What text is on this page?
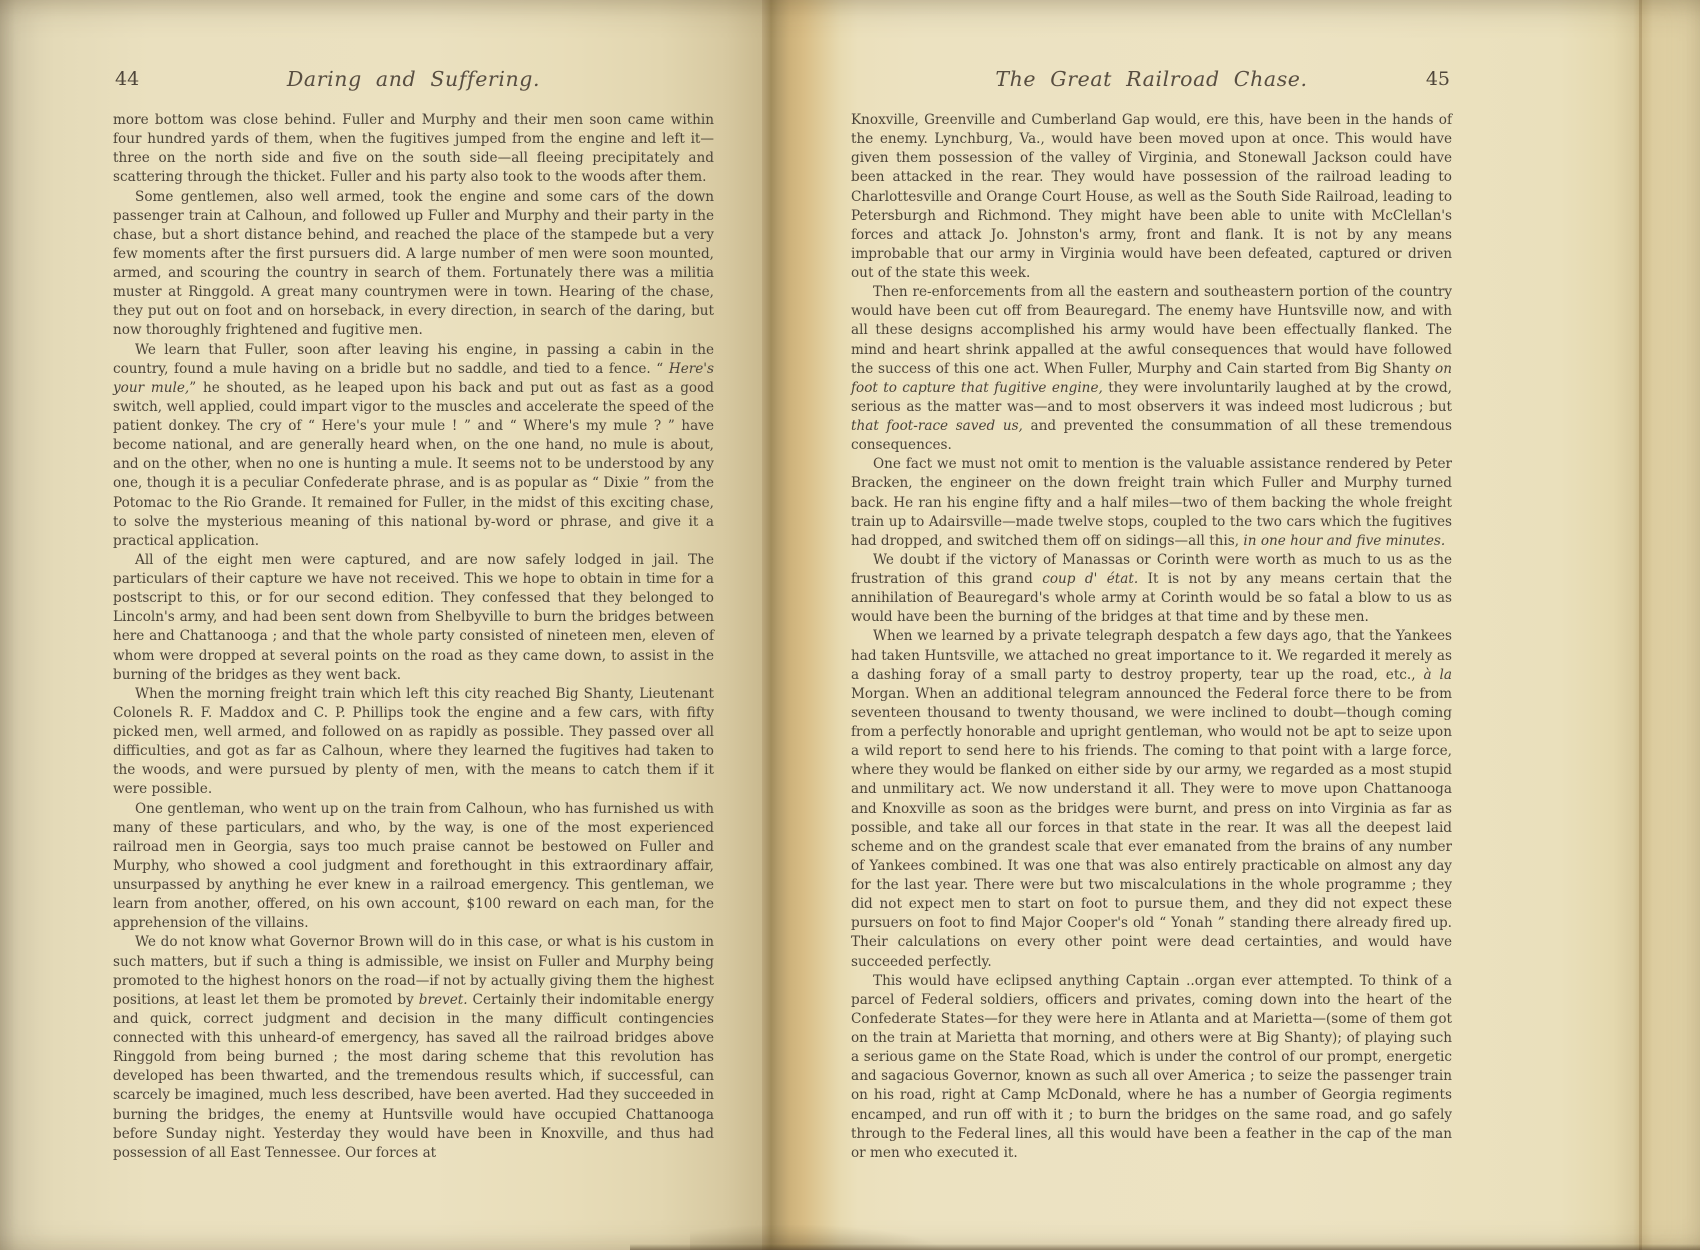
44	Daring and Suffering.

more bottom was close behind. Fuller and Murphy and their men soon came within four hundred yards of them, when the fugitives jumped from the engine and left it—three on the north side and five on the south side—all fleeing precipitately and scattering through the thicket. Fuller and his party also took to the woods after them.

Some gentlemen, also well armed, took the engine and some cars of the down passenger train at Calhoun, and followed up Fuller and Murphy and their party in the chase, but a short distance behind, and reached the place of the stampede but a very few moments after the first pursuers did. A large number of men were soon mounted, armed, and scouring the country in search of them. Fortunately there was a militia muster at Ringgold. A great many countrymen were in town. Hearing of the chase, they put out on foot and on horseback, in every direction, in search of the daring, but now thoroughly frightened and fugitive men.

We learn that Fuller, soon after leaving his engine, in passing a cabin in the country, found a mule having on a bridle but no saddle, and tied to a fence. “ Here's your mule,” he shouted, as he leaped upon his back and put out as fast as a good switch, well applied, could impart vigor to the muscles and accelerate the speed of the patient donkey. The cry of “ Here's your mule ! ” and “ Where's my mule ? ” have become national, and are generally heard when, on the one hand, no mule is about, and on the other, when no one is hunting a mule. It seems not to be understood by any one, though it is a peculiar Confederate phrase, and is as popular as “ Dixie ” from the Potomac to the Rio Grande. It remained for Fuller, in the midst of this exciting chase, to solve the mysterious meaning of this national by-word or phrase, and give it a practical application.

All of the eight men were captured, and are now safely lodged in jail. The particulars of their capture we have not received. This we hope to obtain in time for a postscript to this, or for our second edition. They confessed that they belonged to Lincoln's army, and had been sent down from Shelbyville to burn the bridges between here and Chattanooga ; and that the whole party consisted of nineteen men, eleven of whom were dropped at several points on the road as they came down, to assist in the burning of the bridges as they went back.

When the morning freight train which left this city reached Big Shanty, Lieutenant Colonels R. F. Maddox and C. P. Phillips took the engine and a few cars, with fifty picked men, well armed, and followed on as rapidly as possible. They passed over all difficulties, and got as far as Calhoun, where they learned the fugitives had taken to the woods, and were pursued by plenty of men, with the means to catch them if it were possible.

One gentleman, who went up on the train from Calhoun, who has furnished us with many of these particulars, and who, by the way, is one of the most experienced railroad men in Georgia, says too much praise cannot be bestowed on Fuller and Murphy, who showed a cool judgment and forethought in this extraordinary affair, unsurpassed by anything he ever knew in a railroad emergency. This gentleman, we learn from another, offered, on his own account, $100 reward on each man, for the apprehension of the villains.

We do not know what Governor Brown will do in this case, or what is his custom in such matters, but if such a thing is admissible, we insist on Fuller and Murphy being promoted to the highest honors on the road—if not by actually giving them the highest positions, at least let them be promoted by brevet. Certainly their indomitable energy and quick, correct judgment and decision in the many difficult contingencies connected with this unheard-of emergency, has saved all the railroad bridges above Ringgold from being burned ; the most daring scheme that this revolution has developed has been thwarted, and the tremendous results which, if successful, can scarcely be imagined, much less described, have been averted. Had they succeeded in burning the bridges, the enemy at Huntsville would have occupied Chattanooga before Sunday night. Yesterday they would have been in Knoxville, and thus had possession of all East Tennessee. Our forces at

The Great Railroad Chase.	45

Knoxville, Greenville and Cumberland Gap would, ere this, have been in the hands of the enemy. Lynchburg, Va., would have been moved upon at once. This would have given them possession of the valley of Virginia, and Stonewall Jackson could have been attacked in the rear. They would have possession of the railroad leading to Charlottesville and Orange Court House, as well as the South Side Railroad, leading to Petersburgh and Richmond. They might have been able to unite with McClellan's forces and attack Jo. Johnston's army, front and flank. It is not by any means improbable that our army in Virginia would have been defeated, captured or driven out of the state this week.

Then re-enforcements from all the eastern and southeastern portion of the country would have been cut off from Beauregard. The enemy have Huntsville now, and with all these designs accomplished his army would have been effectually flanked. The mind and heart shrink appalled at the awful consequences that would have followed the success of this one act. When Fuller, Murphy and Cain started from Big Shanty on foot to capture that fugitive engine, they were involuntarily laughed at by the crowd, serious as the matter was—and to most observers it was indeed most ludicrous ; but that foot-race saved us, and prevented the consummation of all these tremendous consequences.

One fact we must not omit to mention is the valuable assistance rendered by Peter Bracken, the engineer on the down freight train which Fuller and Murphy turned back. He ran his engine fifty and a half miles—two of them backing the whole freight train up to Adairsville—made twelve stops, coupled to the two cars which the fugitives had dropped, and switched them off on sidings—all this, in one hour and five minutes.

We doubt if the victory of Manassas or Corinth were worth as much to us as the frustration of this grand coup d' état. It is not by any means certain that the annihilation of Beauregard's whole army at Corinth would be so fatal a blow to us as would have been the burning of the bridges at that time and by these men.

When we learned by a private telegraph despatch a few days ago, that the Yankees had taken Huntsville, we attached no great importance to it. We regarded it merely as a dashing foray of a small party to destroy property, tear up the road, etc., à la Morgan. When an additional telegram announced the Federal force there to be from seventeen thousand to twenty thousand, we were inclined to doubt—though coming from a perfectly honorable and upright gentleman, who would not be apt to seize upon a wild report to send here to his friends. The coming to that point with a large force, where they would be flanked on either side by our army, we regarded as a most stupid and unmilitary act. We now understand it all. They were to move upon Chattanooga and Knoxville as soon as the bridges were burnt, and press on into Virginia as far as possible, and take all our forces in that state in the rear. It was all the deepest laid scheme and on the grandest scale that ever emanated from the brains of any number of Yankees combined. It was one that was also entirely practicable on almost any day for the last year. There were but two miscalculations in the whole programme ; they did not expect men to start on foot to pursue them, and they did not expect these pursuers on foot to find Major Cooper's old “ Yonah ” standing there already fired up. Their calculations on every other point were dead certainties, and would have succeeded perfectly.

This would have eclipsed anything Captain ..organ ever attempted. To think of a parcel of Federal soldiers, officers and privates, coming down into the heart of the Confederate States—for they were here in Atlanta and at Marietta—(some of them got on the train at Marietta that morning, and others were at Big Shanty); of playing such a serious game on the State Road, which is under the control of our prompt, energetic and sagacious Governor, known as such all over America ; to seize the passenger train on his road, right at Camp McDonald, where he has a number of Georgia regiments encamped, and run off with it ; to burn the bridges on the same road, and go safely through to the Federal lines, all this would have been a feather in the cap of the man or men who executed it.
